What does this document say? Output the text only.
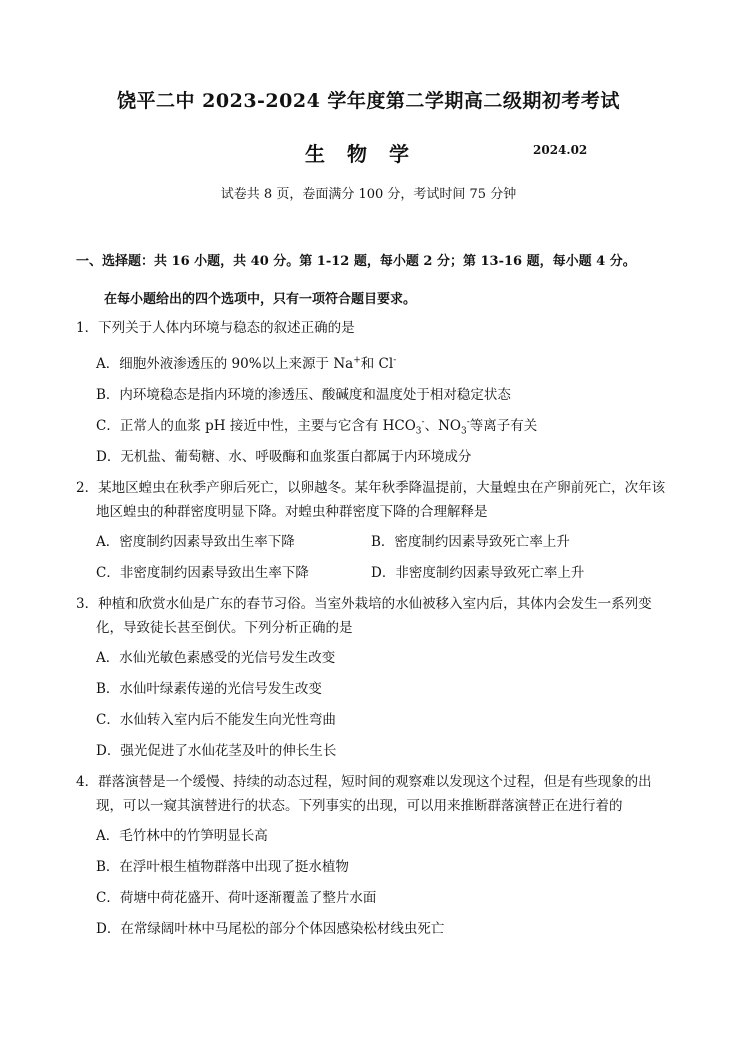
饶平二中 2023-2024 学年度第二学期高二级期初考考试
生物学	2024.02
试卷共 8 页，卷面满分 100 分，考试时间 75 分钟
一、选择题：共 16 小题，共 40 分。第 1-12 题，每小题 2 分；第 13-16 题，每小题 4 分。
在每小题给出的四个选项中，只有一项符合题目要求。
1．下列关于人体内环境与稳态的叙述正确的是
A．细胞外液渗透压的 90%以上来源于 Na+和 Cl-
B．内环境稳态是指内环境的渗透压、酸碱度和温度处于相对稳定状态
C．正常人的血浆 pH 接近中性，主要与它含有 $HCO_3^-$、$NO_3^-$等离子有关
D．无机盐、葡萄糖、水、呼吸酶和血浆蛋白都属于内环境成分
2．某地区蝗虫在秋季产卵后死亡，以卵越冬。某年秋季降温提前，大量蝗虫在产卵前死亡，次年该地区蝗虫的种群密度明显下降。对蝗虫种群密度下降的合理解释是
A．密度制约因素导致出生率下降	B．密度制约因素导致死亡率上升
C．非密度制约因素导致出生率下降	D．非密度制约因素导致死亡率上升
3．种植和欣赏水仙是广东的春节习俗。当室外栽培的水仙被移入室内后，其体内会发生一系列变化，导致徒长甚至倒伏。下列分析正确的是
A．水仙光敏色素感受的光信号发生改变
B．水仙叶绿素传递的光信号发生改变
C．水仙转入室内后不能发生向光性弯曲
D．强光促进了水仙花茎及叶的伸长生长
4．群落演替是一个缓慢、持续的动态过程，短时间的观察难以发现这个过程，但是有些现象的出现，可以一窥其演替进行的状态。下列事实的出现，可以用来推断群落演替正在进行着的
A．毛竹林中的竹笋明显长高
B．在浮叶根生植物群落中出现了挺水植物
C．荷塘中荷花盛开、荷叶逐渐覆盖了整片水面
D．在常绿阔叶林中马尾松的部分个体因感染松材线虫死亡
